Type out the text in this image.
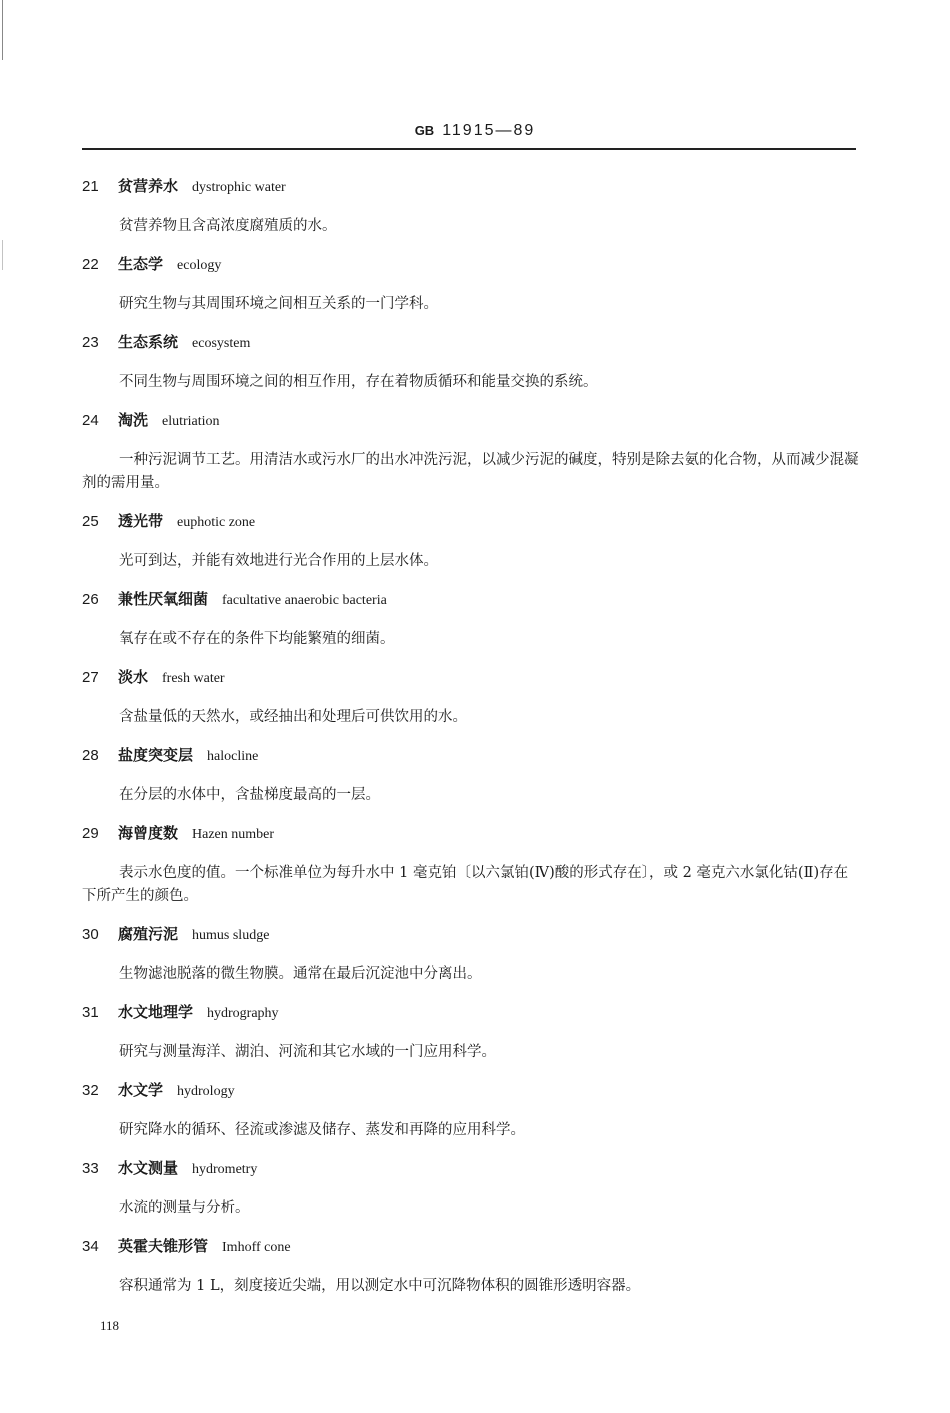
GB 11915—89
21 贫营养水 dystrophic water

贫营养物且含高浓度腐殖质的水。

22 生态学 ecology

研究生物与其周围环境之间相互关系的一门学科。

23 生态系统 ecosystem

不同生物与周围环境之间的相互作用，存在着物质循环和能量交换的系统。

24 淘洗 elutriation

一种污泥调节工艺。用清洁水或污水厂的出水冲洗污泥，以减少污泥的碱度，特别是除去氨的化合物，从而减少混凝剂的需用量。

25 透光带 euphotic zone

光可到达，并能有效地进行光合作用的上层水体。

26 兼性厌氧细菌 facultative anaerobic bacteria

氧存在或不存在的条件下均能繁殖的细菌。

27 淡水 fresh water

含盐量低的天然水，或经抽出和处理后可供饮用的水。

28 盐度突变层 halocline

在分层的水体中，含盐梯度最高的一层。

29 海曾度数 Hazen number

表示水色度的值。一个标准单位为每升水中 1 毫克铂〔以六氯铂(Ⅳ)酸的形式存在〕，或 2 毫克六水氯化钴(Ⅱ)存在下所产生的颜色。

30 腐殖污泥 humus sludge

生物滤池脱落的微生物膜。通常在最后沉淀池中分离出。

31 水文地理学 hydrography

研究与测量海洋、湖泊、河流和其它水域的一门应用科学。

32 水文学 hydrology

研究降水的循环、径流或渗滤及储存、蒸发和再降的应用科学。

33 水文测量 hydrometry

水流的测量与分析。

34 英霍夫锥形管 Imhoff cone

容积通常为 1 L，刻度接近尖端，用以测定水中可沉降物体积的圆锥形透明容器。

118
